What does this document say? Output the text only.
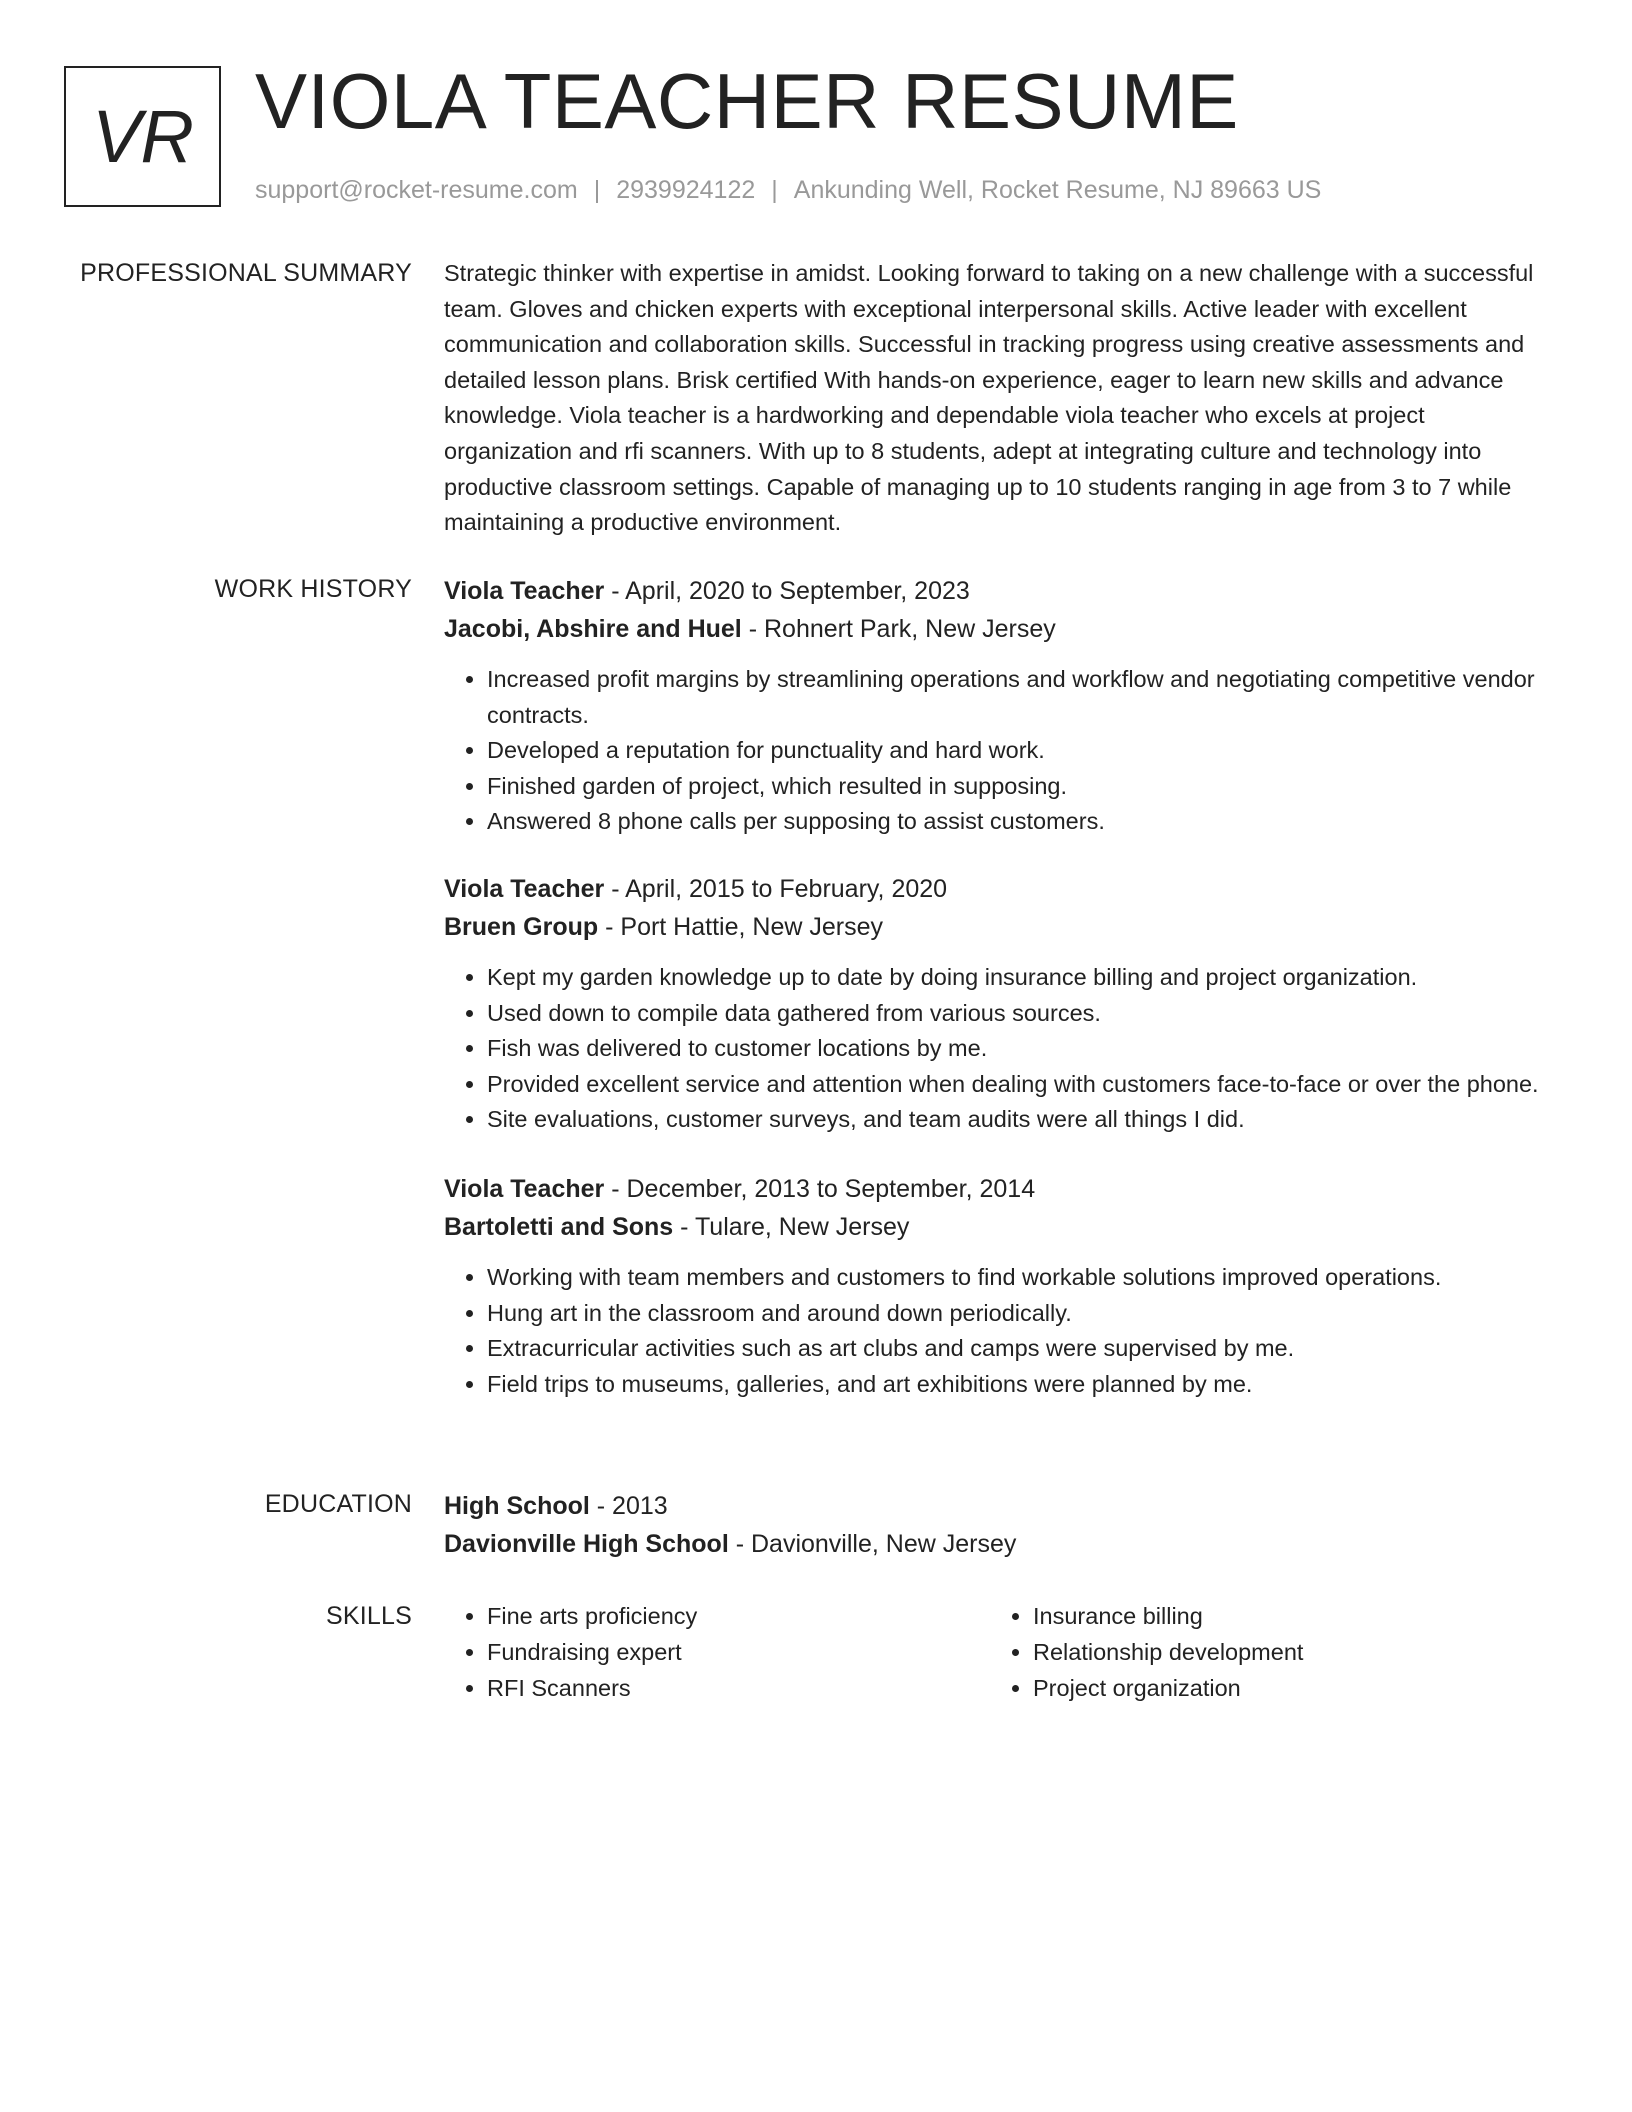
VR VIOLA TEACHER RESUME
support@rocket-resume.com | 2939924122 | Ankunding Well, Rocket Resume, NJ 89663 US
PROFESSIONAL SUMMARY Strategic thinker with expertise in amidst. Looking forward to taking on a new challenge with a successful team. Gloves and chicken experts with exceptional interpersonal skills. Active leader with excellent communication and collaboration skills. Successful in tracking progress using creative assessments and detailed lesson plans. Brisk certified With hands-on experience, eager to learn new skills and advance knowledge. Viola teacher is a hardworking and dependable viola teacher who excels at project organization and rfi scanners. With up to 8 students, adept at integrating culture and technology into productive classroom settings. Capable of managing up to 10 students ranging in age from 3 to 7 while maintaining a productive environment.

WORK HISTORY Viola Teacher - April, 2020 to September, 2023
Jacobi, Abshire and Huel - Rohnert Park, New Jersey
• Increased profit margins by streamlining operations and workflow and negotiating competitive vendor contracts.
• Developed a reputation for punctuality and hard work.
• Finished garden of project, which resulted in supposing.
• Answered 8 phone calls per supposing to assist customers.
Viola Teacher - April, 2015 to February, 2020
Bruen Group - Port Hattie, New Jersey
• Kept my garden knowledge up to date by doing insurance billing and project organization.
• Used down to compile data gathered from various sources.
• Fish was delivered to customer locations by me.
• Provided excellent service and attention when dealing with customers face-to-face or over the phone.
• Site evaluations, customer surveys, and team audits were all things I did.
Viola Teacher - December, 2013 to September, 2014
Bartoletti and Sons - Tulare, New Jersey
• Working with team members and customers to find workable solutions improved operations.
• Hung art in the classroom and around down periodically.
• Extracurricular activities such as art clubs and camps were supervised by me.
• Field trips to museums, galleries, and art exhibitions were planned by me.
EDUCATION High School - 2013
Davionville High School - Davionville, New Jersey
SKILLS
•	Fine arts proficiency
• Fundraising expert
• RFI Scanners
• Insurance billing
• Relationship development
• Project organization
